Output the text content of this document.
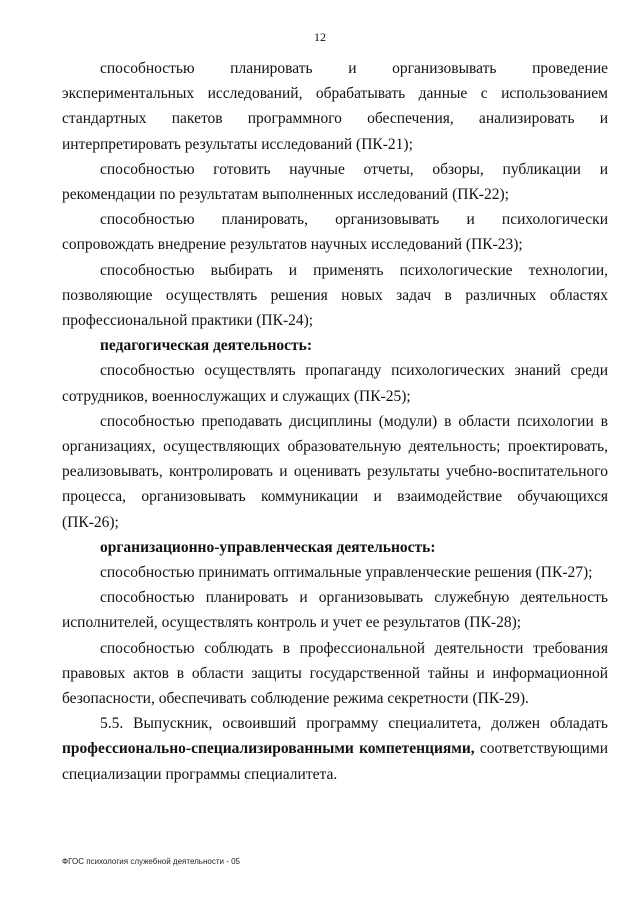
12

способностью планировать и организовывать проведение экспериментальных исследований, обрабатывать данные с использованием стандартных пакетов программного обеспечения, анализировать и интерпретировать результаты исследований (ПК-21);

способностью готовить научные отчеты, обзоры, публикации и рекомендации по результатам выполненных исследований (ПК-22);

способностью планировать, организовывать и психологически сопровождать внедрение результатов научных исследований (ПК-23);

способностью выбирать и применять психологические технологии, позволяющие осуществлять решения новых задач в различных областях профессиональной практики (ПК-24);

педагогическая деятельность:

способностью осуществлять пропаганду психологических знаний среди сотрудников, военнослужащих и служащих (ПК-25);

способностью преподавать дисциплины (модули) в области психологии в организациях, осуществляющих образовательную деятельность; проектировать, реализовывать, контролировать и оценивать результаты учебно-воспитательного процесса, организовывать коммуникации и взаимодействие обучающихся (ПК-26);

организационно-управленческая деятельность:

способностью принимать оптимальные управленческие решения (ПК-27);

способностью планировать и организовывать служебную деятельность исполнителей, осуществлять контроль и учет ее результатов (ПК-28);

способностью соблюдать в профессиональной деятельности требования правовых актов в области защиты государственной тайны и информационной безопасности, обеспечивать соблюдение режима секретности (ПК-29).

5.5. Выпускник, освоивший программу специалитета, должен обладать профессионально-специализированными компетенциями, соответствующими специализации программы специалитета.

ФГОС психология служебной деятельности - 05
